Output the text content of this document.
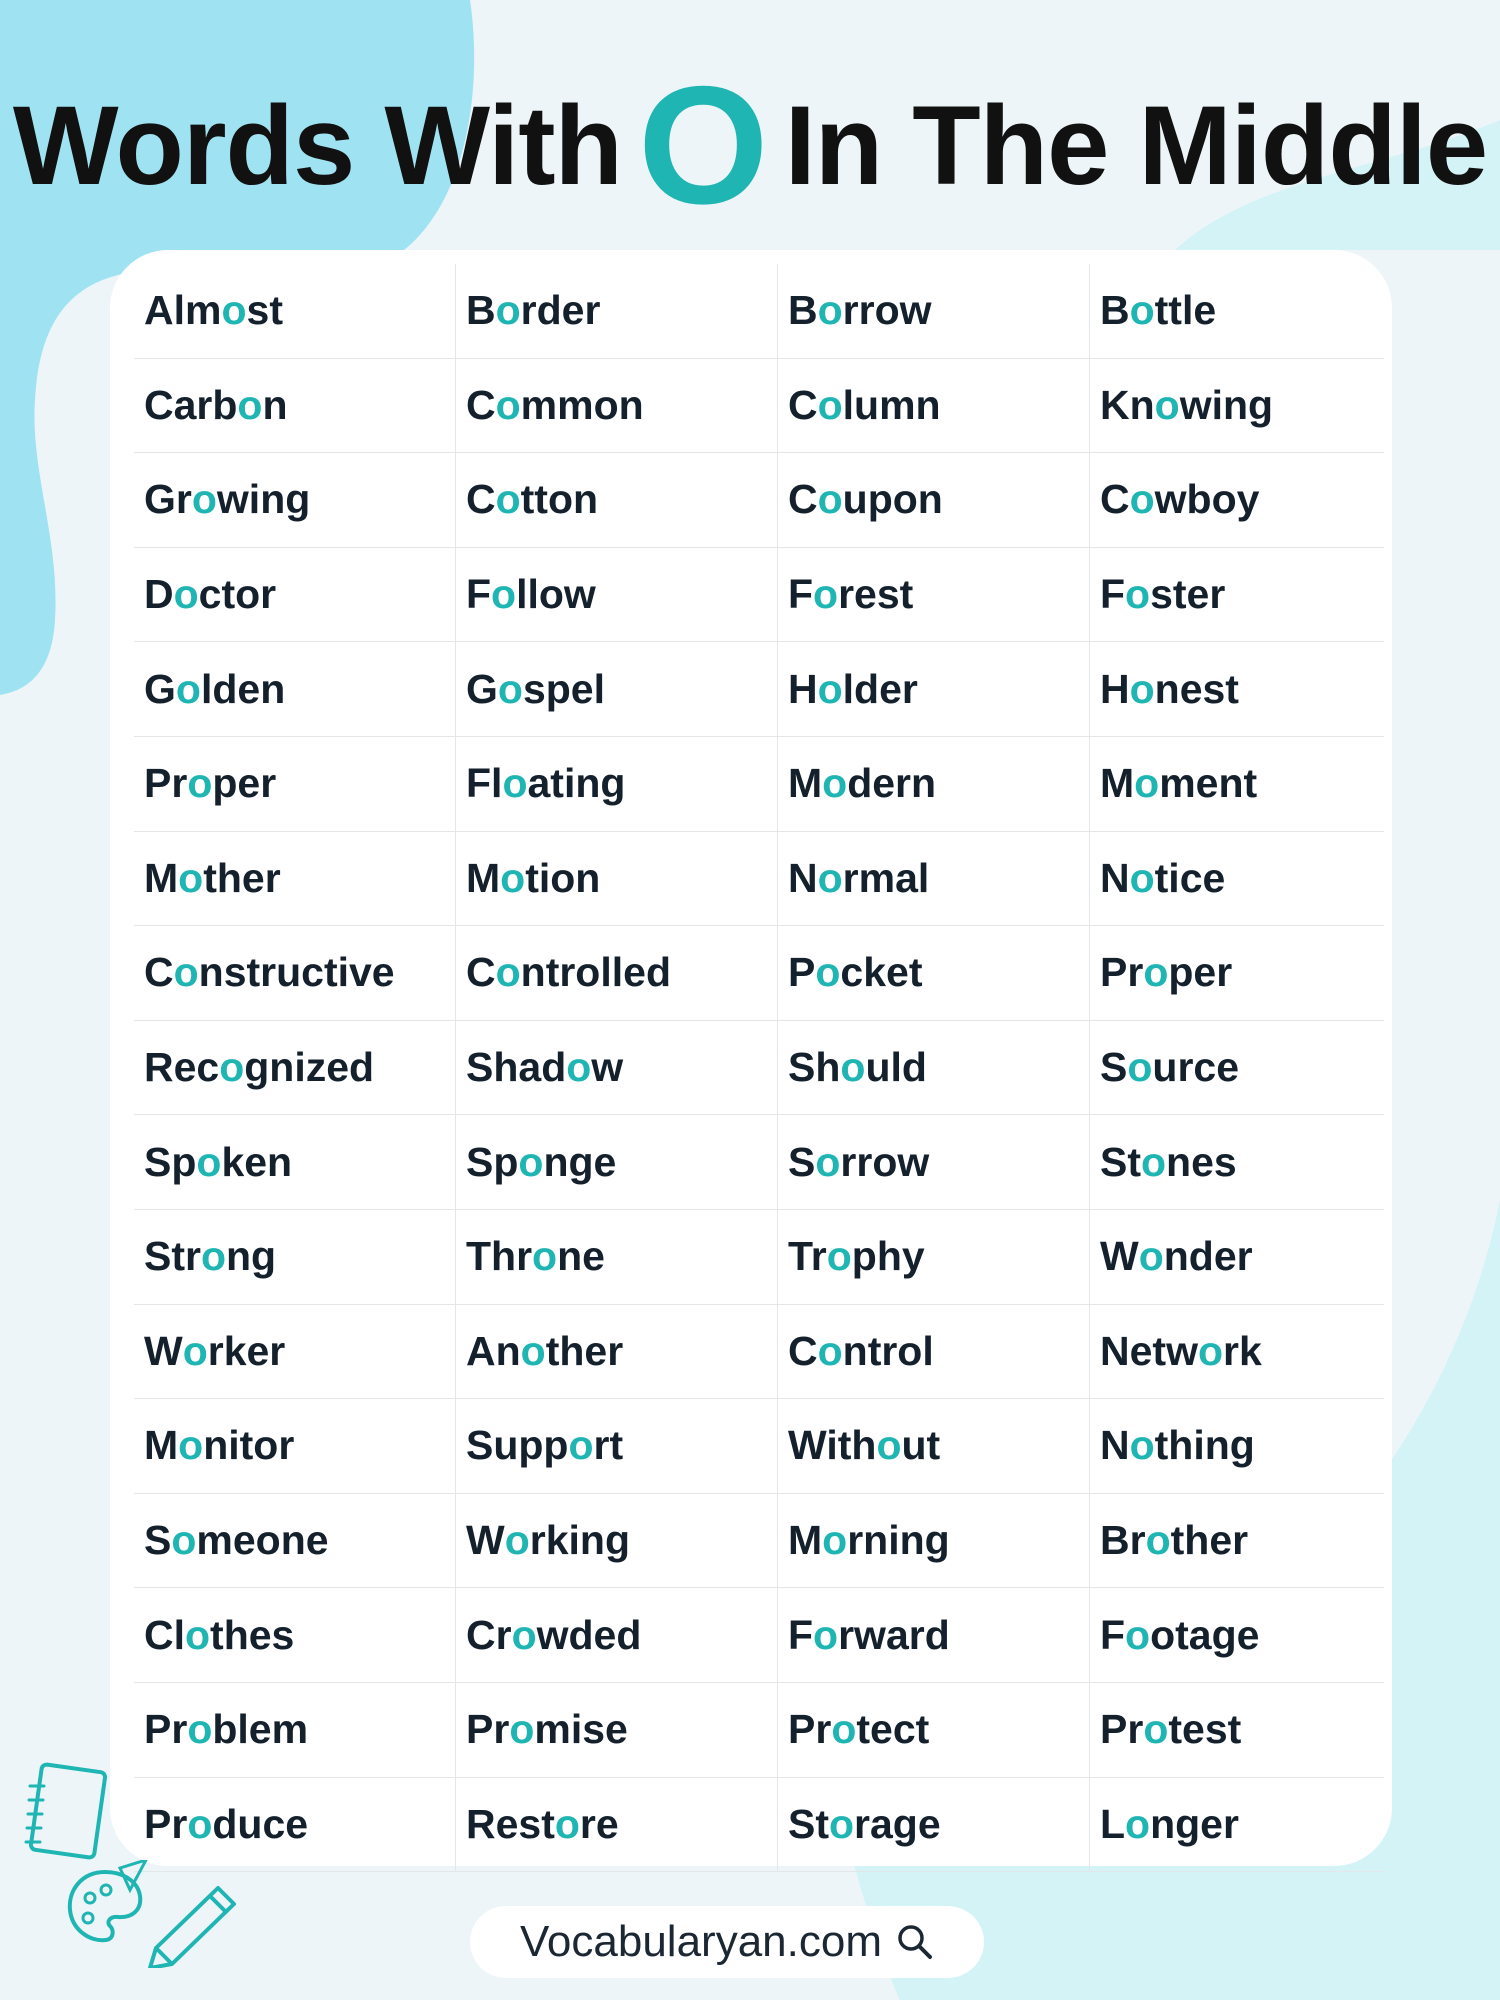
Words With O In The Middle
Alm o st	B o rder	B o rrow	B o ttle
Carb o n	C o mmon	C o lumn	Kn o wing
Gr o wing	C o tton	C o upon	C o wboy
D o ctor	F o llow	F o rest	F o ster
G o lden	G o spel	H o lder	H o nest
Pr o per	Fl o ating	M o dern	M o ment
M o ther	M o tion	N o rmal	N o tice
C o nstructive	C o ntrolled	P o cket	Pr o per
Rec o gnized	Shad o w	Sh o uld	S o urce
Sp o ken	Sp o nge	S o rrow	St o nes
Str o ng	Thr o ne	Tr o phy	W o nder
W o rker	An o ther	C o ntrol	Netw o rk
M o nitor	Supp o rt	With o ut	N o thing
S o meone	W o rking	M o rning	Br o ther
Cl o thes	Cr o wded	F o rward	F o otage
Pr o blem	Pr o mise	Pr o tect	Pr o test
Pr o duce	Rest o re	St o rage	L o nger
Vocabularyan.com
